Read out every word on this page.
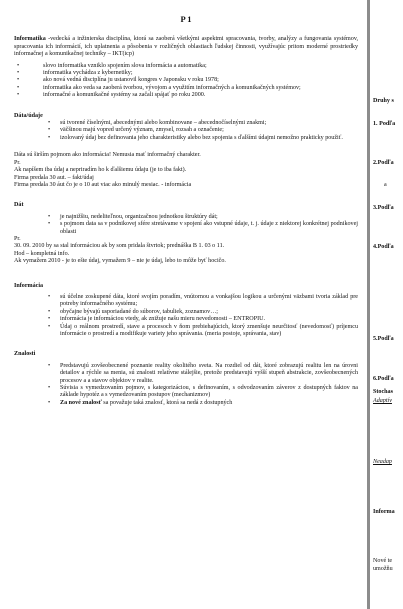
P 1

Informatika -vedecká a inžinierska disciplína, ktorá sa zaoberá všetkými aspektmi spracovania, tvorby, analýzy a fungovania systémov, spracovania ich informácií, ich uplatnenia a pôsobenia v rozličných oblastiach ľudskej činnosti, využívajúc pritom moderné prostriedky informačnej a komunikačnej techniky – IKT(icp)

• slovo informatika vzniklo spojením slova informácia a automatika;
• informatika vychádza z kybernetiky;
• ako nová vedná disciplína ju ustanovil kongres v Japonsku v roku 1978;
• informatika ako veda sa zaoberá tvorbou, vývojom a využitím informačných a komunikačných systémov;
• informačné a komunikačné systémy sa začali spájať po roku 2000.

Dáta/údaje

• sú tvorené číselnými, abecednými alebo kombinovane – abecednočíselnými znakmi;
• väčšinou majú vopred určený význam, zmysel, rozsah a označenie;
• izolovaný údaj bez definovania jeho charakteristiky alebo bez spojenia s ďalšími údajmi nemožno prakticky použiť.

Dáta sú širším pojmom ako informácia! Nemusia mať informačný charakter.

Pr.

Ak napíšem iba údaj a nepriradím ho k ďalšiemu údaju (je to iba fakt).

Firma predala 30 aut. – fakt/údaj

Firma predala 30 áut čo je o 10 aut viac ako minulý mesiac. - informácia

Dát

• je najnižšiu, nedeliteľnou, organizačnou jednotkou štruktúry dát;
• s pojmom data sa v podnikovej sfére stretávame v spojení ako vstupné údaje, t. j. údaje z niektorej konkrétnej podnikovej oblasti

Pr.

30. 09. 2010 by sa stal informáciou ak by som pridala štvrtok; prednáška B 1. 03 o 11.

Hod – kompletná info.

Ak vymažem 2010 - je to ešte údaj, vymažem 9 – nie je údaj, lebo to môže byť hocičo.

Informácia

• sú účelne zoskupené dáta, ktoré svojím poradím, vnútornou a vonkajšou logikou a určenými väzbami tvoria základ pre potreby informačného systému;
• obyčajne bývajú usporiadané do súborov, tabuliek, zoznamov…;
• informácia je informáciou vtedy, ak znižuje našu mieru nevedomosti – ENTROPIU.
• Údaj o reálnom prostredí, stave a procesoch v ňom prebiehajúcich, ktorý zmenšuje neurčitosť (nevedomosť) príjemcu informácie o prostredí a modifikuje variety jeho správania. (meria postoje, správania, stav)

Znalosti

• Predstavujú zovšeobecnené poznanie reality okolitého sveta. Na rozdiel od dát, ktoré zobrazujú realitu len na úrovni detailov a rýchle sa menia, sú znalosti relatívne stálejšie, pretože predstavujú vyšší stupeň abstrakcie, zovšeobecnených procesov a a stavov objektov v realite.
• Súvisia s vymedzovaním pojmov, s kategorizáciou, s definovaním, s odvodzovaním záverov z dostupných faktov na základe hypotéz a s vymedzovaním postupov (mechanizmov)
• Za nové znalosť sa považuje taká znalosť, ktorá sa nedá z dostupných
Druhy s
1. Podľa
2.Podľa
a
3.Podľa
4.Podľa
5.Podľa
6.Podľa
Stochas
Adaptív
Neadap
Informa
Nové te
umožňu
